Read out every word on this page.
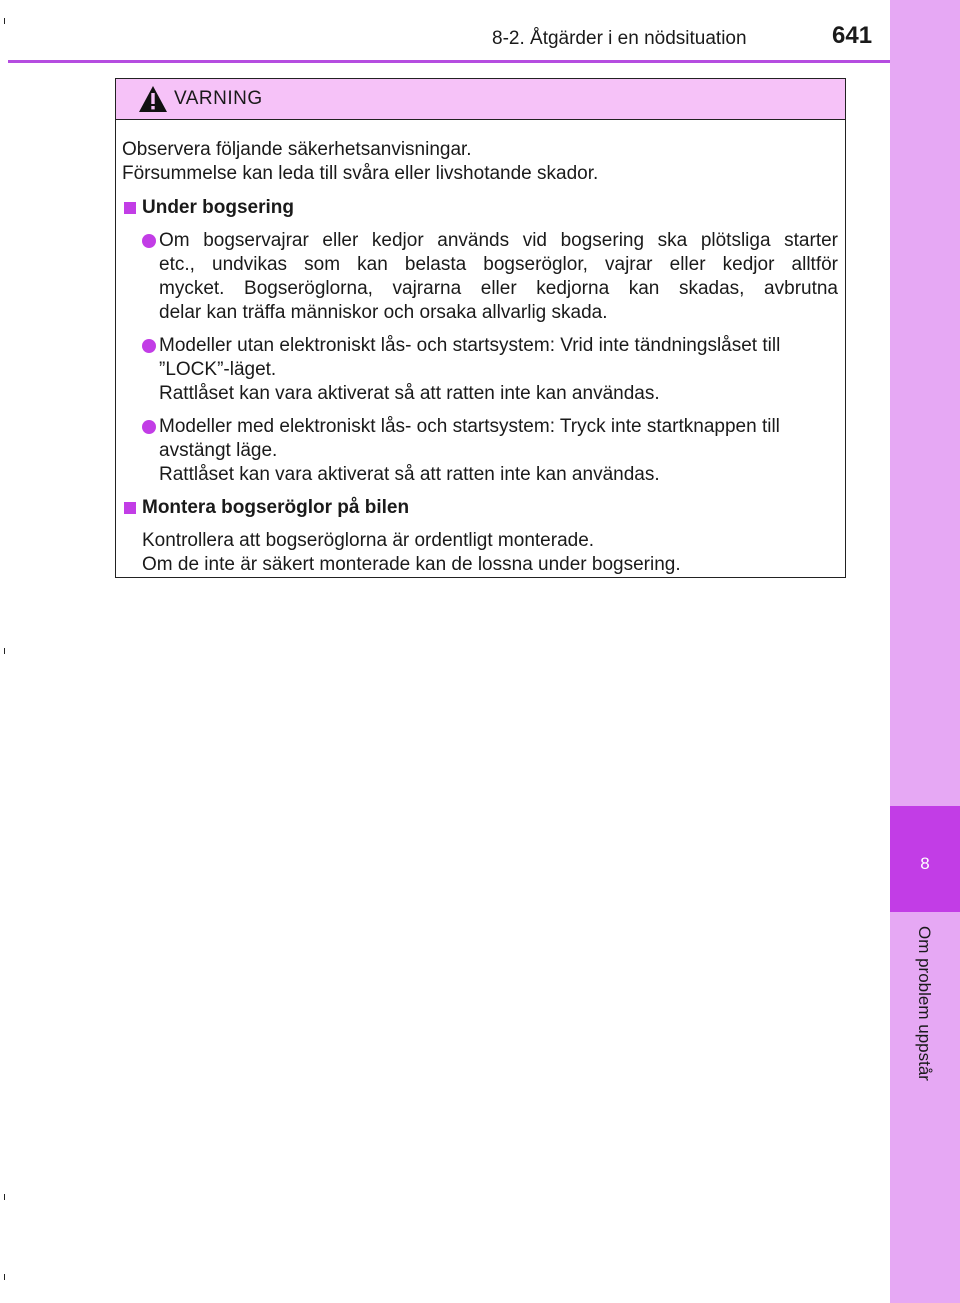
8
Om problem uppstår
8-2. Åtgärder i en nödsituation	641
VARNING
Observera följande säkerhetsanvisningar.
Försummelse kan leda till svåra eller livshotande skador.
Under bogsering
Om bogservajrar eller kedjor används vid bogsering ska plötsliga starter
etc., undvikas som kan belasta bogseröglor, vajrar eller kedjor alltför
mycket. Bogseröglorna, vajrarna eller kedjorna kan skadas, avbrutna
delar kan träffa människor och orsaka allvarlig skada.
Modeller utan elektroniskt lås- och startsystem: Vrid inte tändningslåset till
”LOCK”-läget.
Rattlåset kan vara aktiverat så att ratten inte kan användas.
Modeller med elektroniskt lås- och startsystem: Tryck inte startknappen till
avstängt läge.
Rattlåset kan vara aktiverat så att ratten inte kan användas.
Montera bogseröglor på bilen
Kontrollera att bogseröglorna är ordentligt monterade.
Om de inte är säkert monterade kan de lossna under bogsering.
